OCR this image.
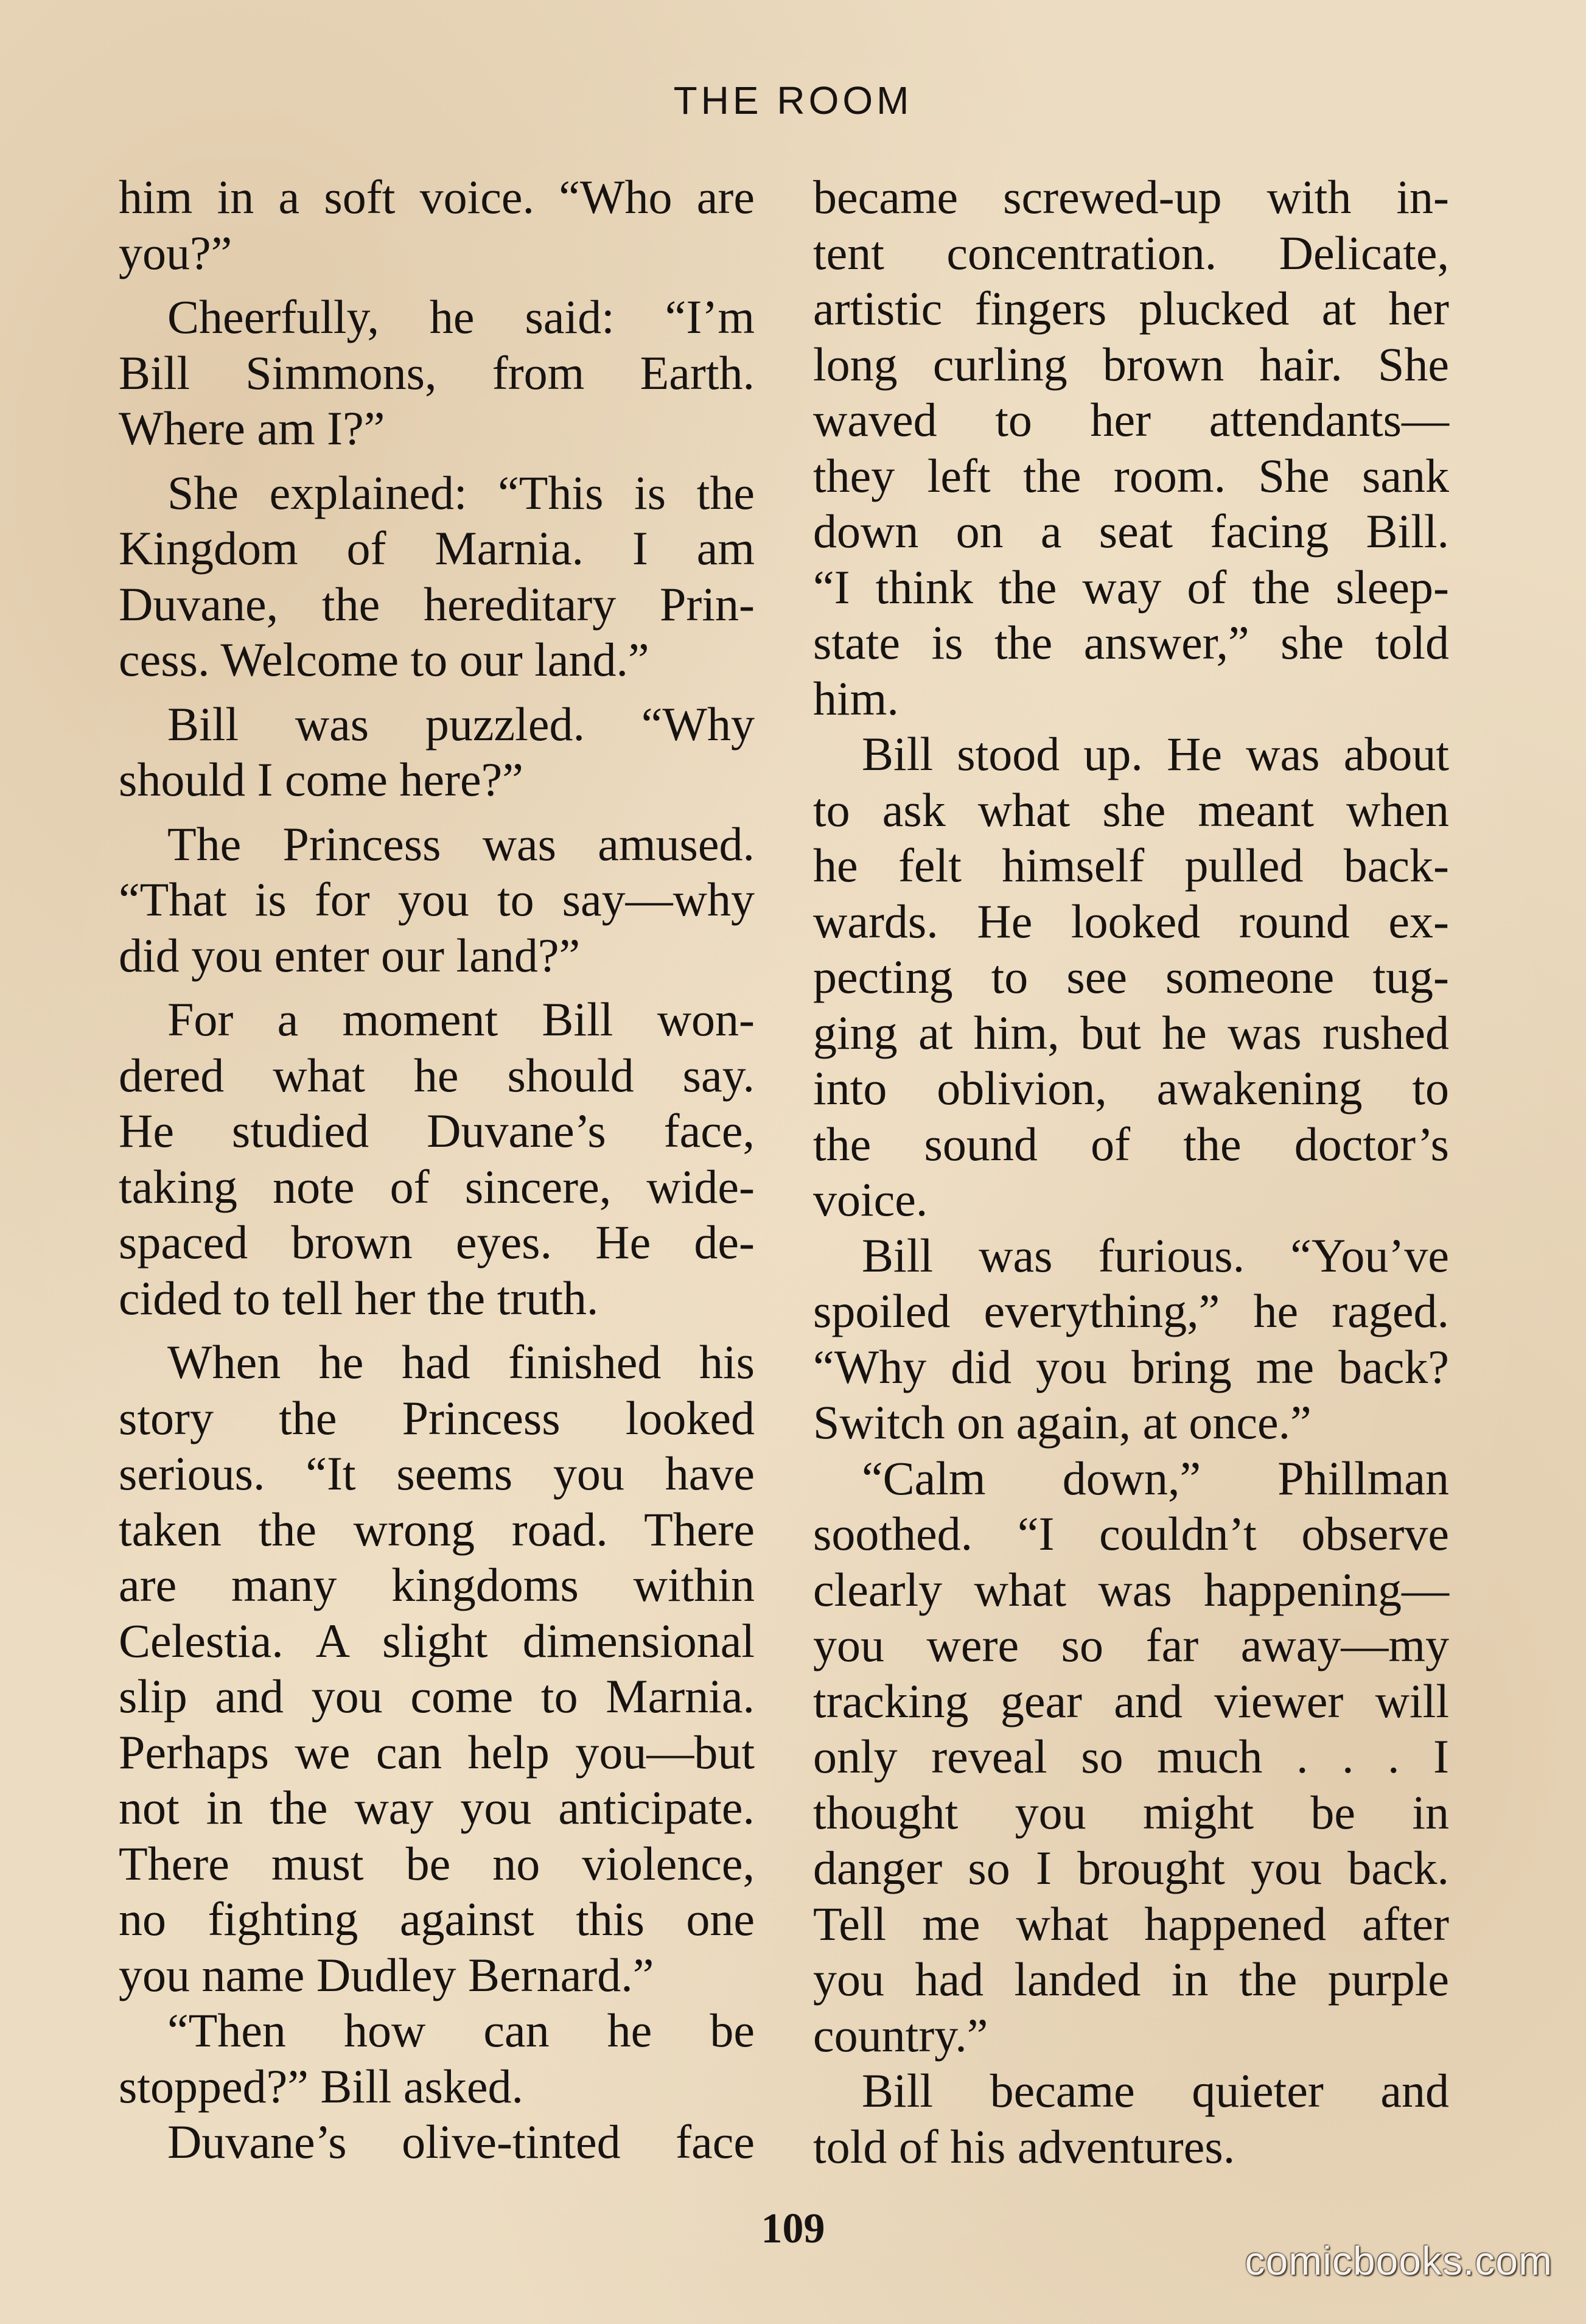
THE ROOM
him in a soft voice. “Who are
you?”
Cheerfully, he said: “I’m
Bill Simmons, from Earth.
Where am I?”
She explained: “This is the
Kingdom of Marnia. I am
Duvane, the hereditary Prin-
cess. Welcome to our land.”
Bill was puzzled. “Why
should I come here?”
The Princess was amused.
“That is for you to say—why
did you enter our land?”
For a moment Bill won-
dered what he should say.
He studied Duvane’s face,
taking note of sincere, wide-
spaced brown eyes. He de-
cided to tell her the truth.
When he had finished his
story the Princess looked
serious. “It seems you have
taken the wrong road. There
are many kingdoms within
Celestia. A slight dimensional
slip and you come to Marnia.
Perhaps we can help you—but
not in the way you anticipate.
There must be no violence,
no fighting against this one
you name Dudley Bernard.”
“Then how can he be
stopped?” Bill asked.
Duvane’s olive-tinted face
became screwed-up with in-
tent concentration. Delicate,
artistic fingers plucked at her
long curling brown hair. She
waved to her attendants—
they left the room. She sank
down on a seat facing Bill.
“I think the way of the sleep-
state is the answer,” she told
him.
Bill stood up. He was about
to ask what she meant when
he felt himself pulled back-
wards. He looked round ex-
pecting to see someone tug-
ging at him, but he was rushed
into oblivion, awakening to
the sound of the doctor’s
voice.
Bill was furious. “You’ve
spoiled everything,” he raged.
“Why did you bring me back?
Switch on again, at once.”
“Calm down,” Phillman
soothed. “I couldn’t observe
clearly what was happening—
you were so far away—my
tracking gear and viewer will
only reveal so much . . . I
thought you might be in
danger so I brought you back.
Tell me what happened after
you had landed in the purple
country.”
Bill became quieter and
told of his adventures.
109
comicbooks.com
